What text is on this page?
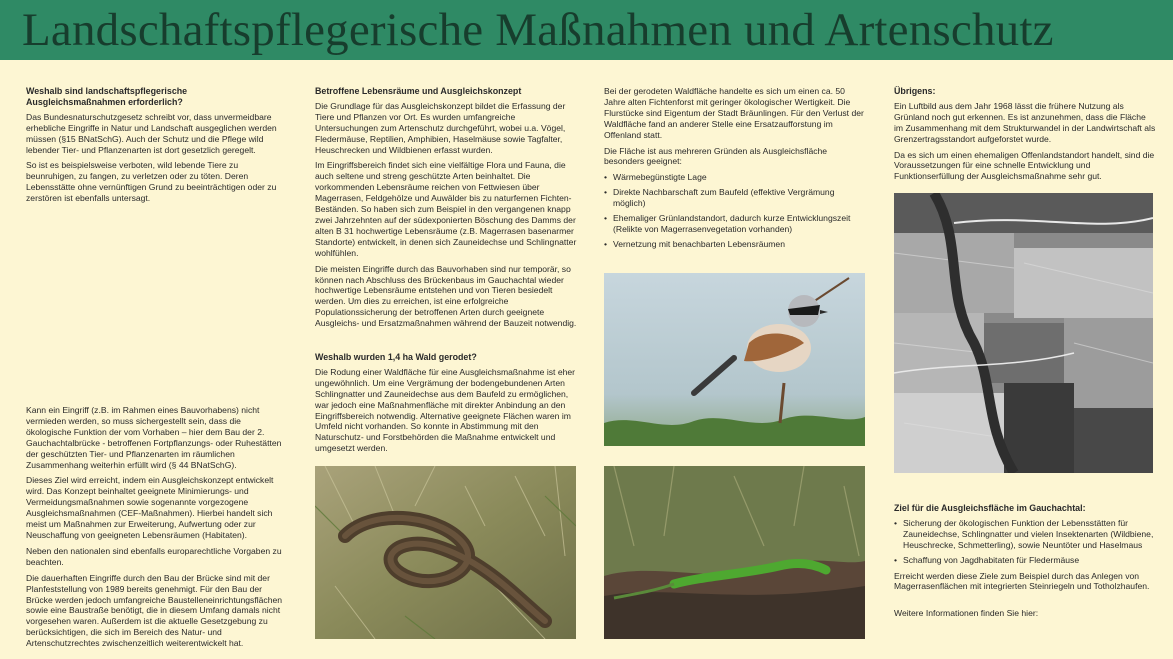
Landschaftspflegerische Maßnahmen und Artenschutz
Weshalb sind landschaftspflegerische Ausgleichsmaßnahmen erforderlich?

Das Bundesnaturschutzgesetz schreibt vor, dass unvermeidbare erhebliche Eingriffe in Natur und Landschaft ausgeglichen werden müssen (§15 BNatSchG). Auch der Schutz und die Pflege wild lebender Tier- und Pflanzenarten ist dort gesetzlich geregelt.

So ist es beispielsweise verboten, wild lebende Tiere zu beunruhigen, zu fangen, zu verletzen oder zu töten. Deren Lebensstätte ohne vernünftigen Grund zu beeinträchtigen oder zu zerstören ist ebenfalls untersagt.

Kann ein Eingriff (z.B. im Rahmen eines Bauvorhabens) nicht vermieden werden, so muss sichergestellt sein, dass die ökologische Funktion der vom Vorhaben – hier dem Bau der 2. Gauchachtalbrücke - betroffenen Fortpflanzungs- oder Ruhestätten der geschützten Tier- und Pflanzenarten im räumlichen Zusammenhang weiterhin erfüllt wird (§ 44 BNatSchG).

Dieses Ziel wird erreicht, indem ein Ausgleichskonzept entwickelt wird. Das Konzept beinhaltet geeignete Minimierungs- und Vermeidungsmaßnahmen sowie sogenannte vorgezogene Ausgleichsmaßnahmen (CEF-Maßnahmen). Hierbei handelt sich meist um Maßnahmen zur Erweiterung, Aufwertung oder zur Neuschaffung von geeigneten Lebensräumen (Habitaten).

Neben den nationalen sind ebenfalls europarechtliche Vorgaben zu beachten.

Die dauerhaften Eingriffe durch den Bau der Brücke sind mit der Planfeststellung von 1989 bereits genehmigt. Für den Bau der Brücke werden jedoch umfangreiche Baustelleneinrichtungsflächen sowie eine Baustraße benötigt, die in diesem Umfang damals nicht vorgesehen waren. Außerdem ist die aktuelle Gesetzgebung zu berücksichtigen, die sich im Bereich des Natur- und Artenschutzrechtes zwischenzeitlich weiterentwickelt hat.

Betroffene Lebensräume und Ausgleichskonzept

Die Grundlage für das Ausgleichskonzept bildet die Erfassung der Tiere und Pflanzen vor Ort. Es wurden umfangreiche Untersuchungen zum Artenschutz durchgeführt, wobei u.a. Vögel, Fledermäuse, Reptilien, Amphibien, Haselmäuse sowie Tagfalter, Heuschrecken und Wildbienen erfasst wurden.

Im Eingriffsbereich findet sich eine vielfältige Flora und Fauna, die auch seltene und streng geschützte Arten beinhaltet. Die vorkommenden Lebensräume reichen von Fettwiesen über Magerrasen, Feldgehölze und Auwälder bis zu naturfernen Fichten-Beständen. So haben sich zum Beispiel in den vergangenen knapp zwei Jahrzehnten auf der südexponierten Böschung des Damms der alten B 31 hochwertige Lebensräume (z.B. Magerrasen basenarmer Standorte) entwickelt, in denen sich Zauneidechse und Schlingnatter wohlfühlen.

Die meisten Eingriffe durch das Bauvorhaben sind nur temporär, so können nach Abschluss des Brückenbaus im Gauchachtal wieder hochwertige Lebensräume entstehen und von Tieren besiedelt werden. Um dies zu erreichen, ist eine erfolgreiche Populationssicherung der betroffenen Arten durch geeignete Ausgleichs- und Ersatzmaßnahmen während der Bauzeit notwendig.

Weshalb wurden 1,4 ha Wald gerodet?

Die Rodung einer Waldfläche für eine Ausgleichsmaßnahme ist eher ungewöhnlich. Um eine Vergrämung der bodengebundenen Arten Schlingnatter und Zauneidechse aus dem Baufeld zu ermöglichen, war jedoch eine Maßnahmenfläche mit direkter Anbindung an den Eingriffsbereich notwendig. Alternative geeignete Flächen waren im Umfeld nicht vorhanden. So konnte in Abstimmung mit den Naturschutz- und Forstbehörden die Maßnahme entwickelt und umgesetzt werden.

Bei der gerodeten Waldfläche handelte es sich um einen ca. 50 Jahre alten Fichtenforst mit geringer ökologischer Wertigkeit. Die Flurstücke sind Eigentum der Stadt Bräunlingen. Für den Verlust der Waldfläche fand an anderer Stelle eine Ersatzaufforstung im Offenland statt.

Die Fläche ist aus mehreren Gründen als Ausgleichsfläche besonders geeignet:

• Wärmebegünstigte Lage
• Direkte Nachbarschaft zum Baufeld (effektive Vergrämung möglich)
• Ehemaliger Grünlandstandort, dadurch kurze Entwicklungszeit (Relikte von Magerrasenvegetation vorhanden)
• Vernetzung mit benachbarten Lebensräumen
Übrigens:

Ein Luftbild aus dem Jahr 1968 lässt die frühere Nutzung als Grünland noch gut erkennen. Es ist anzunehmen, dass die Fläche im Zusammenhang mit dem Strukturwandel in der Landwirtschaft als Grenzertragsstandort aufgeforstet wurde.

Da es sich um einen ehemaligen Offenlandstandort handelt, sind die Voraussetzungen für eine schnelle Entwicklung und Funktionserfüllung der Ausgleichsmaßnahme sehr gut.

Ziel für die Ausgleichsfläche im Gauchachtal:
• Sicherung der ökologischen Funktion der Lebensstätten für Zauneidechse, Schlingnatter und vielen Insektenarten (Wildbiene, Heuschrecke, Schmetterling), sowie Neuntöter und Haselmaus
• Schaffung von Jagdhabitaten für Fledermäuse

Erreicht werden diese Ziele zum Beispiel durch das Anlegen von Magerrasenflächen mit integrierten Steinriegeln und Totholzhaufen.

Weitere Informationen finden Sie hier:
